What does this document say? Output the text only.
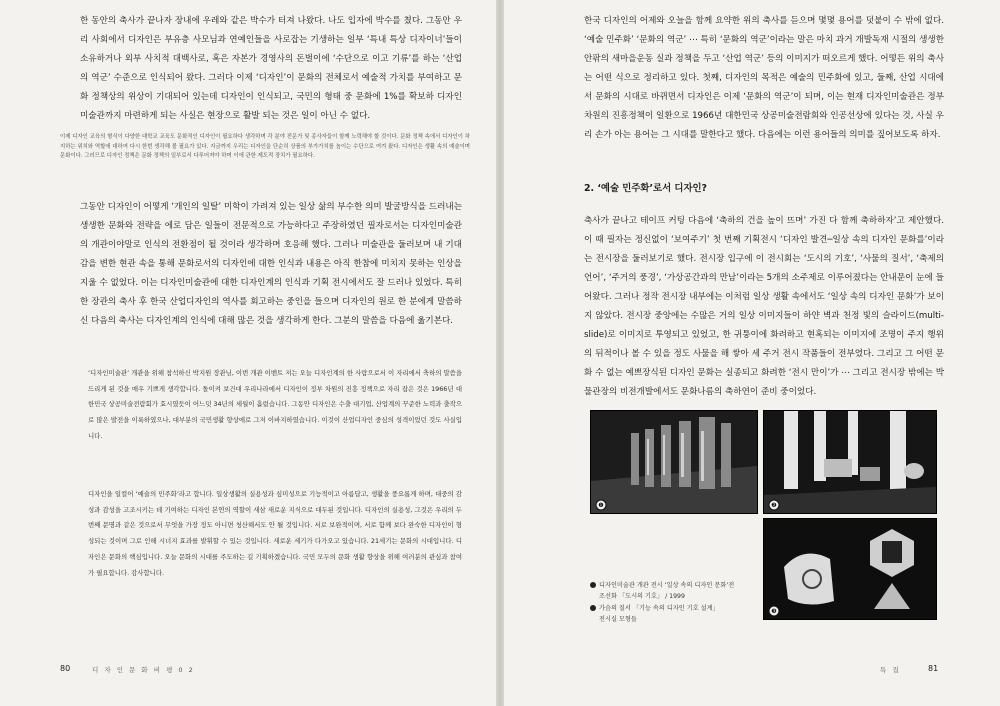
한 동안의 축사가 끝나자 장내에 우레와 같은 박수가 터져 나왔다. 나도 입자에 박수를 쳤다. 그동안 우리 사회에서 디자인은 부유층 사모님과 연예인들을 사로잡는 기생하는 일부 ‘특내 특상 디자이너’들이 소유하거나 외부 사치적 대백사로, 혹은 자본가 경영사의 돈벌이에 ‘수단으로 이고 기류’를 하는 ‘산업의 역군’ 수준으로 인식되어 왔다. 그러다 이제 ‘디자인’이 문화의 전체로서 예술적 가치를 부여하고 문화 정책상의 위상이 기대되어 있는데 디자인이 인식되고, 국민의 형태 중 문화에 1%를 확보하 디자인미술관까지 마련하게 되는 사실은 현장으로 활발 되는 것은 일이 아닌 수 없다.

이제 디자인 교육의 형식이 다양한 대학교 교육도 문화적인 디자인이 필요하다 생각하며 각 분야 전문가 및 종사자들이 함께 노력해야 할 것이다. 문화 정책 속에서 디자인이 차지하는 위치와 역할에 대하여 다시 한번 생각해 볼 필요가 있다. 지금까지 우리는 디자인을 단순히 상품의 부가가치를 높이는 수단으로 여겨 왔다. 디자인은 생활 속의 예술이며 문화이다. 그러므로 디자인 정책은 문화 정책의 일부로서 다루어져야 하며 이에 관한 제도적 장치가 필요하다.

그동안 디자인이 어떻게 ‘개인의 일탈’ 미학이 가려져 있는 일상 삶의 부수한 의미 발굴방식을 드러내는 생생한 문화와 전략을 에로 담은 일들이 전문적으로 가능하다고 주장하였던 필자로서는 디자인미술관의 개관이야말로 인식의 전환점이 될 것이라 생각하며 호응해 했다. 그러나 미술관을 둘러보며 내 기대감을 변한 현관 속을 통해 문화로서의 디자인에 대한 인식과 내용은 아직 한참에 미치지 못하는 인상을 지울 수 없었다. 이는 디자인미술관에 대한 디자인계의 인식과 기획 전시에서도 잘 드러나 있었다. 특히 한 장관의 축사 후 한국 산업디자인의 역사를 회고하는 중인을 들으며 디자인의 원로 한 분에게 말씀하신 다음의 축사는 디자인계의 인식에 대해 많은 것을 생각하게 한다. 그분의 말씀을 다음에 옮기본다.

‘디자인미술관’ 개관을 위해 참석하신 박지원 장관님, 이번 개관 이벤트 저는 오늘 디자인계의 한 사람으로서 이 자리에서 축하의 말씀을 드리게 된 것을 매우 기쁘게 생각합니다. 돌이켜 보건대 우리나라에서 디자인이 정부 차원의 진흥 정책으로 자리 잡은 것은 1966년 대한민국 상공미술전람회가 효시였듯이 어느덧 34년의 세월이 흘렀습니다. 그동안 디자인은 수출 대기업, 산업계의 꾸준한 노력과 출작으로 많은 발전을 이룩하였으나, 대부분의 국민생활 향상에로 그저 이바지하였습니다. 이것이 산업디자인 중심의 성격이었던 것도 사실입니다.

디자인을 일컬어 ‘예술의 민주화’라고 합니다. 일상생활의 실용성과 심미성으로 기능적이고 아름답고, 생활을 풍요롭게 하며, 대중의 감성과 감성을 고조시키는 데 기여하는 디자인 본연의 역할이 새삼 새로운 지식으로 대두된 것입니다. 디자인의 실용성, 그것은 우리의 두 번째 문명과 같은 것으로서 무엇을 가장 정도 아니면 청산해서도 안 될 것입니다. 서로 보완적이며, 서로 함께 보다 완숙한 디자인이 형성되는 것이며 그로 인해 시너지 효과를 발휘할 수 있는 것입니다. 새로운 세기가 다가오고 있습니다. 21세기는 문화의 시대입니다. 디자인은 문화의 핵심입니다. 오늘 문화의 시대를 주도하는 길 기획하겠습니다. 국민 모두의 문화 생활 향상을 위해 여러분의 관심과 참여가 필요합니다. 감사합니다.

80	디 자 인 문 화 비 평 0 2

한국 디자인의 어제와 오늘을 함께 요약한 위의 축사를 듣으며 몇몇 용어를 덧붙이 수 밖에 없다. ‘예술 민주화’ ‘문화의 역군’ ⋯ 특히 ‘문화의 역군’이라는 말은 마치 과거 개발독재 시절의 생생한 안팎의 새마을운동 실과 정책을 두고 ‘산업 역군’ 등의 이미지가 떠오르게 했다. 어떻든 위의 축사는 어떤 식으로 정리하고 있다. 첫째, 디자인의 목적은 예술의 민주화에 있고, 둘째, 산업 시대에서 문화의 시대로 바뀌면서 디자인은 이제 ‘문화의 역군’이 되며, 이는 현재 디자인미술관은 정부 차원의 진흥정책이 일환으로 1966년 대한민국 상공미술전람회와 인공선상에 있다는 것, 사실 우리 손가 아는 용어는 그 시대를 말한다고 했다. 다음에는 이런 용어들의 의미를 짚어보도록 하자.

2. ‘예술 민주화’로서 디자인?

축사가 끝나고 테이프 커팅 다음에 ‘축하의 건을 높이 뜨며’ 가진 다 함께 축하하자’고 제안했다. 이 때 필자는 정신없이 ‘보여주기’ 첫 번째 기획전시 ‘디자인 발견─일상 속의 디자인 문화를’이라는 전시장을 둘러보기로 했다. 전시장 입구에 이 전시회는 ‘도시의 기호’, ‘사물의 질서’, ‘축제의 언어’, ‘주거의 풍경’, ‘가상공간과의 만남’이라는 5개의 소주제로 이루어졌다는 안내문이 눈에 들어왔다. 그러나 정작 전시장 내부에는 이처럼 일상 생활 속에서도 ‘일상 속의 디자인 문화’가 보이지 않았다. 전시장 중앙에는 수많은 거의 일상 이미지들이 하얀 벽과 천정 빛의 슬라이드(multi-slide)로 이미지로 투영되고 있었고, 한 귀퉁이에 화려하고 현혹되는 이미지에 조명이 주지 행위의 뒤적이나 볼 수 있을 정도 사물을 해 쌓아 세 주거 전시 작품들이 전부였다. 그리고 그 어떤 문화 수 없는 예쁘장식된 디자인 문화는 실종되고 화려한 ‘전시 만이’가 ⋯ 그리고 전시장 밖에는 박물관장의 비전개발에서도 문화나름의 축하연이 준비 중이었다.

❶	❷
❸
디자인미술관 개관 전시 ‘일상 속의 디자인 문화’전
조선화 「도시의 기호」 / 1999
가슴의 질서 「기능 속의 디자인 기호 설계」
전시실 모형들
특 집	81
